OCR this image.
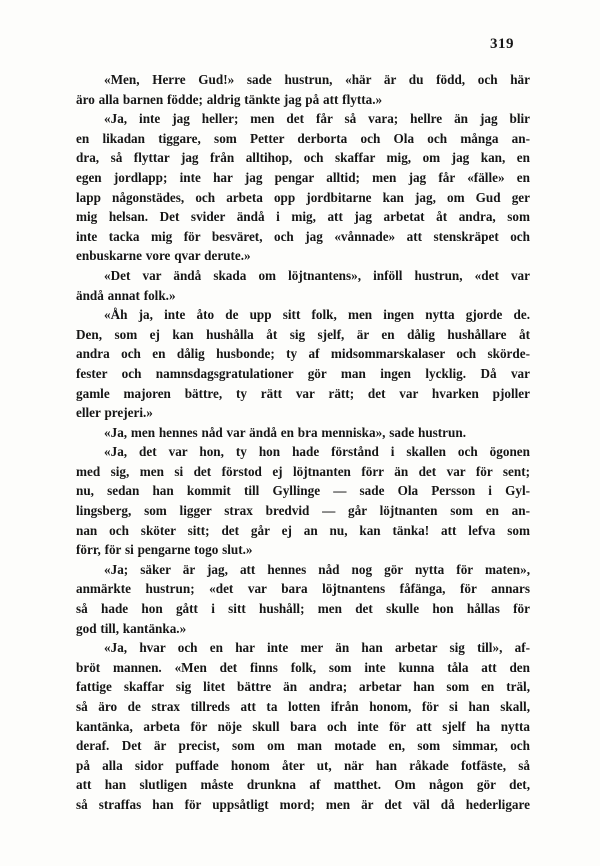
319

«Men, Herre Gud!» sade hustrun, «här är du född, och här
äro alla barnen födde; aldrig tänkte jag på att flytta.»

«Ja, inte jag heller; men det får så vara; hellre än jag blir
en likadan tiggare, som Petter derborta och Ola och många an-
dra, så flyttar jag från alltihop, och skaffar mig, om jag kan, en
egen jordlapp; inte har jag pengar alltid; men jag får «fälle» en
lapp någonstädes, och arbeta opp jordbitarne kan jag, om Gud ger
mig helsan. Det svider ändå i mig, att jag arbetat åt andra, som
inte tacka mig för besväret, och jag «vånnade» att stenskräpet och
enbuskarne vore qvar derute.»

«Det var ändå skada om löjtnantens», inföll hustrun, «det var
ändå annat folk.»

«Åh ja, inte åto de upp sitt folk, men ingen nytta gjorde de.
Den, som ej kan hushålla åt sig sjelf, är en dålig hushållare åt
andra och en dålig husbonde; ty af midsommarskalaser och skörde-
fester och namnsdagsgratulationer gör man ingen lycklig. Då var
gamle majoren bättre, ty rätt var rätt; det var hvarken pjoller
eller prejeri.»

«Ja, men hennes nåd var ändå en bra menniska», sade hustrun.

«Ja, det var hon, ty hon hade förstånd i skallen och ögonen
med sig, men si det förstod ej löjtnanten förr än det var för sent;
nu, sedan han kommit till Gyllinge — sade Ola Persson i Gyl-
lingsberg, som ligger strax bredvid — går löjtnanten som en an-
nan och sköter sitt; det går ej an nu, kan tänka! att lefva som
förr, för si pengarne togo slut.»

«Ja; säker är jag, att hennes nåd nog gör nytta för maten»,
anmärkte hustrun; «det var bara löjtnantens fåfänga, för annars
så hade hon gått i sitt hushåll; men det skulle hon hållas för
god till, kantänka.»

«Ja, hvar och en har inte mer än han arbetar sig till», af-
bröt mannen. «Men det finns folk, som inte kunna tåla att den
fattige skaffar sig litet bättre än andra; arbetar han som en träl,
så äro de strax tillreds att ta lotten ifrån honom, för si han skall,
kantänka, arbeta för nöje skull bara och inte för att sjelf ha nytta
deraf. Det är precist, som om man motade en, som simmar, och
på alla sidor puffade honom åter ut, när han råkade fotfäste, så
att han slutligen måste drunkna af matthet. Om någon gör det,
så straffas han för uppsåtligt mord; men är det väl då hederligare
